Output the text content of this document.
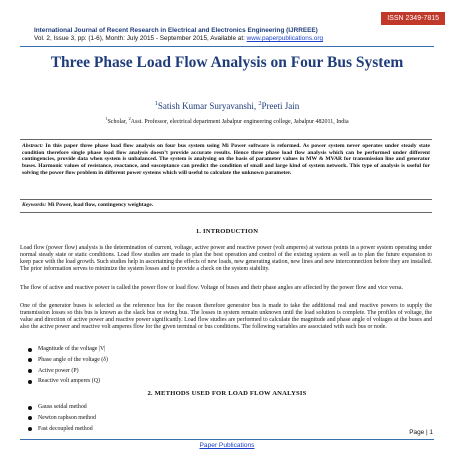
ISSN 2349-7815
International Journal of Recent Research in Electrical and Electronics Engineering (IJRREEE)
Vol. 2, Issue 3, pp: (1-6), Month: July 2015 - September 2015, Available at: www.paperpublications.org
Three Phase Load Flow Analysis on Four Bus System
$^1$Satish Kumar Suryavanshi, $^2$Preeti Jain
$^1$Scholar, $^2$Asst. Professor, electrical department Jabalpur engineering college, Jabalpur 482011, India
Abstract: In this paper three phase load flow analysis on four bus system using Mi Power software is reformed. As power system never operates under steady state condition therefore single phase load flow analysis doesn’t provide accurate results. Hence three phase load flow analysis which can be performed under different contingencies, provide data when system is unbalanced. The system is analysing on the basis of parameter values in MW & MVAR for transmission line and generator buses. Harmonic values of resistance, reactance, and susceptance can predict the condition of small and large kind of system network. This type of analysis is useful for solving the power flow problem in different power systems which will useful to calculate the unknown parameter.
Keywords: Mi Power, load flow, contingency weightage.
1. INTRODUCTION
Load flow (power flow) analysis is the determination of current, voltage, active power and reactive power (volt amperes) at various points in a power system operating under normal steady state or static conditions. Load flow studies are made to plan the best operation and control of the existing system as well as to plan the future expansion to keep pace with the load growth. Such studies help in ascertaining the effects of new loads, new generating station, new lines and new interconnection before they are installed. The prior information serves to minimize the system losses and to provide a check on the system stability.
The flow of active and reactive power is called the power flow or load flow. Voltage of buses and their phase angles are affected by the power flow and vice versa.
One of the generator buses is selected as the reference bus for the reason therefore generator bus is made to take the additional real and reactive powers to supply the transmission losses so this bus is known as the slack bus or swing bus. The losses in system remain unknown until the load solution is complete. The profiles of voltage, the value and direction of active power and reactive power significantly. Load flow studies are performed to calculate the magnitude and phase angle of voltages at the buses and also the active power and reactive volt amperes flow for the given terminal or bus conditions. The following variables are associated with each bus or node.
Magnitude of the voltage |V|
Phase angle of the voltage (δ)
Active power (P)
Reactive volt amperes (Q)
2. METHODS USED FOR LOAD FLOW ANALYSIS
Gauss seidal method
Newton raphson method
Fast decoupled method
Page | 1
Paper Publications
